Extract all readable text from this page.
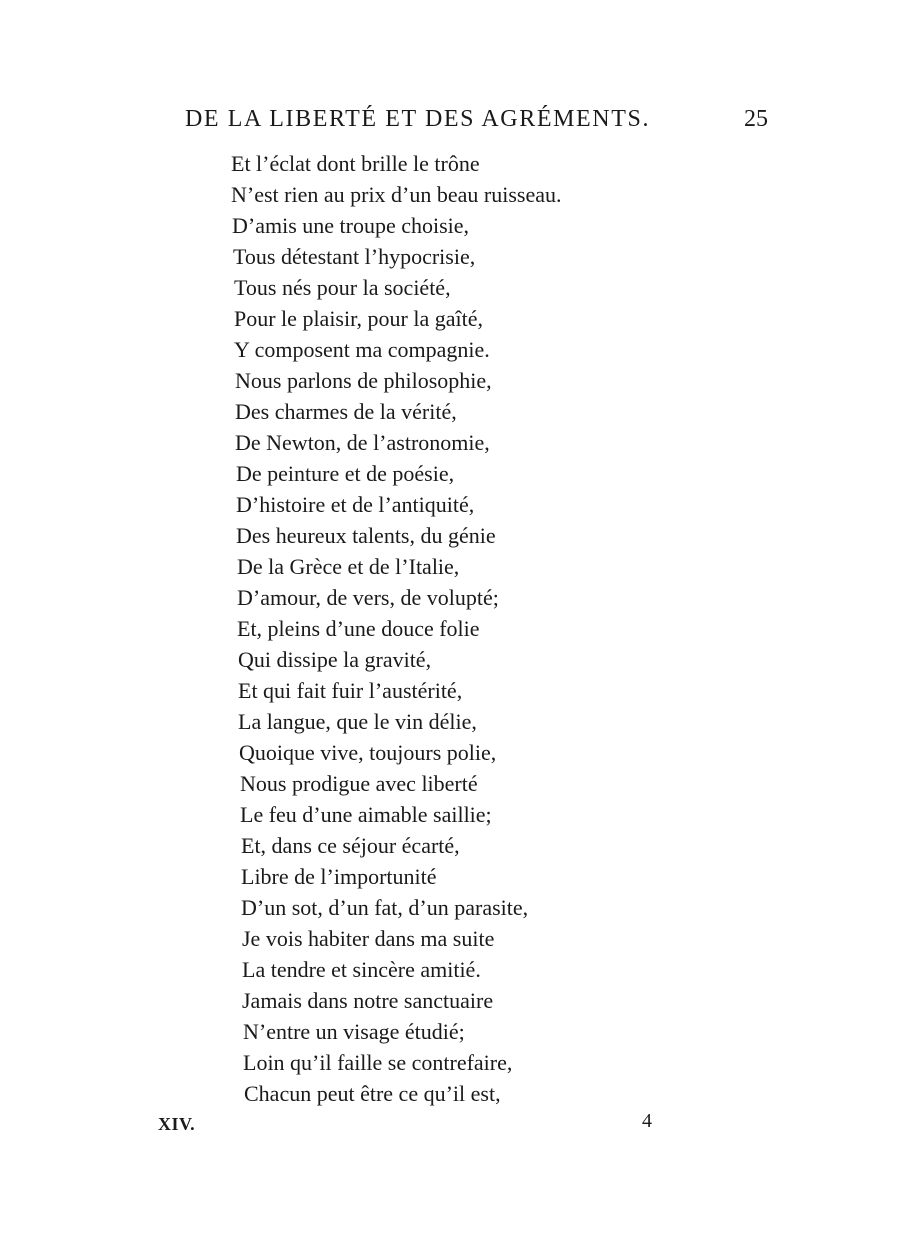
DE LA LIBERTÉ ET DES AGRÉMENTS.	25
Et l’éclat dont brille le trône
N’est rien au prix d’un beau ruisseau.
D’amis une troupe choisie,
Tous détestant l’hypocrisie,
Tous nés pour la société,
Pour le plaisir, pour la gaîté,
Y composent ma compagnie.
Nous parlons de philosophie,
Des charmes de la vérité,
De Newton, de l’astronomie,
De peinture et de poésie,
D’histoire et de l’antiquité,
Des heureux talents, du génie
De la Grèce et de l’Italie,
D’amour, de vers, de volupté;
Et, pleins d’une douce folie
Qui dissipe la gravité,
Et qui fait fuir l’austérité,
La langue, que le vin délie,
Quoique vive, toujours polie,
Nous prodigue avec liberté
Le feu d’une aimable saillie;
Et, dans ce séjour écarté,
Libre de l’importunité
D’un sot, d’un fat, d’un parasite,
Je vois habiter dans ma suite
La tendre et sincère amitié.
Jamais dans notre sanctuaire
N’entre un visage étudié;
Loin qu’il faille se contrefaire,
Chacun peut être ce qu’il est,
XIV.	4
